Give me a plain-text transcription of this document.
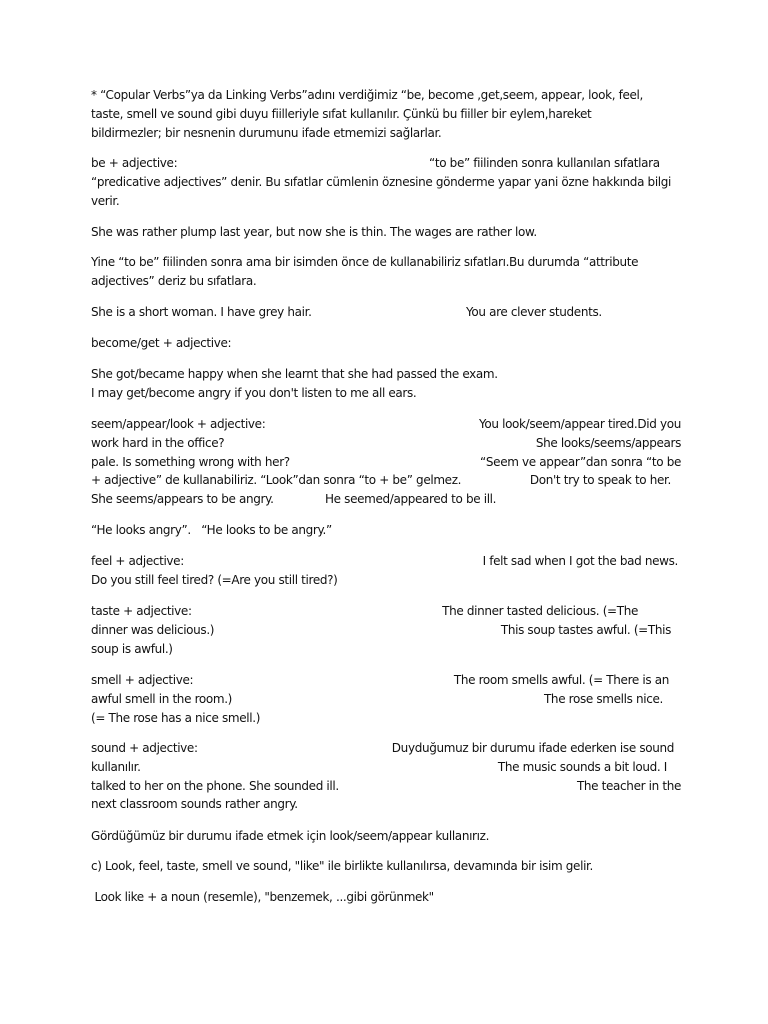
* “Copular Verbs”ya da Linking Verbs”adını verdiğimiz “be, become ,get,seem, appear, look, feel,
taste, smell ve sound gibi duyu fiilleriyle sıfat kullanılır. Çünkü bu fiiller bir eylem,hareket
bildirmezler; bir nesnenin durumunu ifade etmemizi sağlarlar.
be + adjective:	“to be” fiilinden sonra kullanılan sıfatlara
“predicative adjectives” denir. Bu sıfatlar cümlenin öznesine gönderme yapar yani özne hakkında bilgi
verir.
She was rather plump last year, but now she is thin. The wages are rather low.
Yine “to be” fiilinden sonra ama bir isimden önce de kullanabiliriz sıfatları.Bu durumda “attribute
adjectives” deriz bu sıfatlara.
She is a short woman. I have grey hair.	You are clever students.
become/get + adjective:
She got/became happy when she learnt that she had passed the exam.
I may get/become angry if you don't listen to me all ears.
seem/appear/look + adjective:	You look/seem/appear tired.Did you
work hard in the office?	She looks/seems/appears
pale. Is something wrong with her?	“Seem ve appear”dan sonra “to be
+ adjective” de kullanabiliriz. “Look”dan sonra “to + be” gelmez.	Don't try to speak to her.
She seems/appears to be angry.	He seemed/appeared to be ill.
“He looks angry”.   “He looks to be angry.”
feel + adjective:	I felt sad when I got the bad news.
Do you still feel tired? (=Are you still tired?)
taste + adjective:	The dinner tasted delicious. (=The
dinner was delicious.)	This soup tastes awful. (=This
soup is awful.)
smell + adjective:	The room smells awful. (= There is an
awful smell in the room.)	The rose smells nice.
(= The rose has a nice smell.)
sound + adjective:	Duyduğumuz bir durumu ifade ederken ise sound
kullanılır.	The music sounds a bit loud. I
talked to her on the phone. She sounded ill.	The teacher in the
next classroom sounds rather angry.
Gördüğümüz bir durumu ifade etmek için look/seem/appear kullanırız.
c) Look, feel, taste, smell ve sound, "like" ile birlikte kullanılırsa, devamında bir isim gelir.
Look like + a noun (resemle), "benzemek, ...gibi görünmek"
